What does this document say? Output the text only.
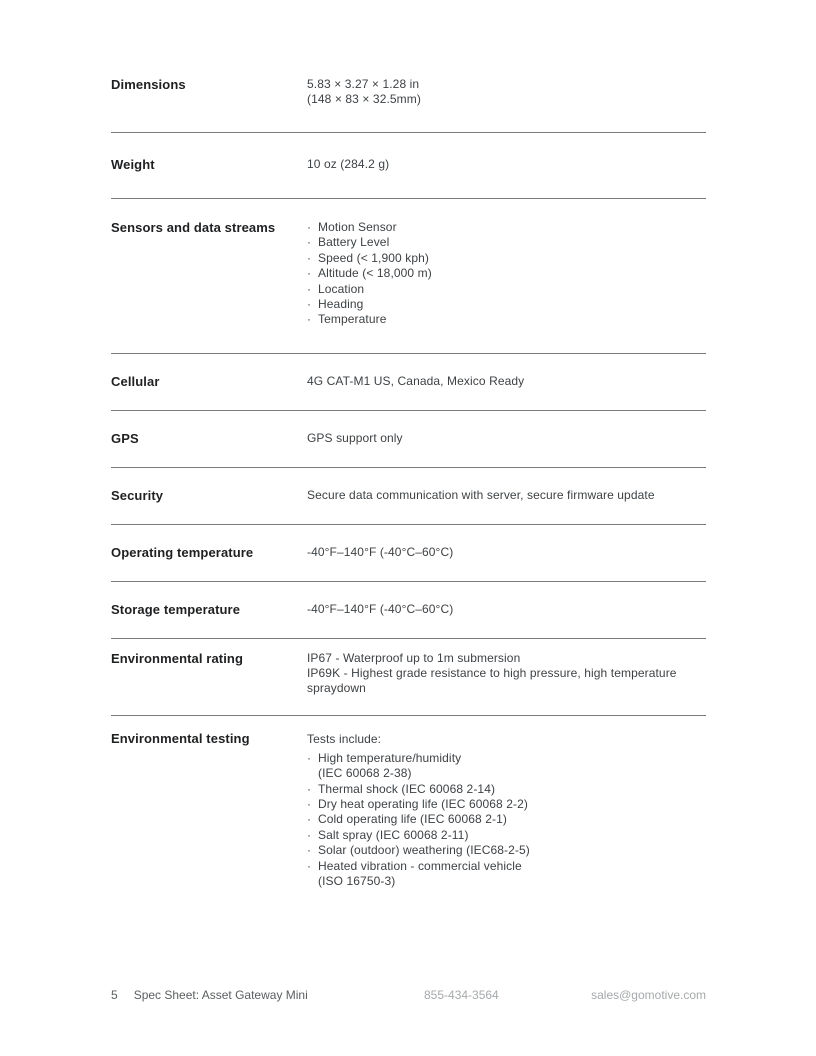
Dimensions	5.83 × 3.27 × 1.28 in
(148 × 83 × 32.5mm)
Weight	10 oz (284.2 g)
Sensors and data streams	· Motion Sensor
· Battery Level
· Speed (< 1,900 kph)
· Altitude (< 18,000 m)
· Location
· Heading
· Temperature
Cellular	4G CAT-M1 US, Canada, Mexico Ready
GPS	GPS support only
Security	Secure data communication with server, secure firmware update
Operating temperature	-40°F–140°F (-40°C–60°C)
Storage temperature	-40°F–140°F (-40°C–60°C)
Environmental rating	IP67 - Waterproof up to 1m submersion
IP69K - Highest grade resistance to high pressure, high temperature spraydown
Environmental testing	Tests include:
· High temperature/humidity
(IEC 60068 2-38)
· Thermal shock (IEC 60068 2-14)
· Dry heat operating life (IEC 60068 2-2)
· Cold operating life (IEC 60068 2-1)
· Salt spray (IEC 60068 2-11)
· Solar (outdoor) weathering (IEC68-2-5)
· Heated vibration - commercial vehicle
(ISO 16750-3)
5 Spec Sheet: Asset Gateway Mini	855-434-3564	sales@gomotive.com
